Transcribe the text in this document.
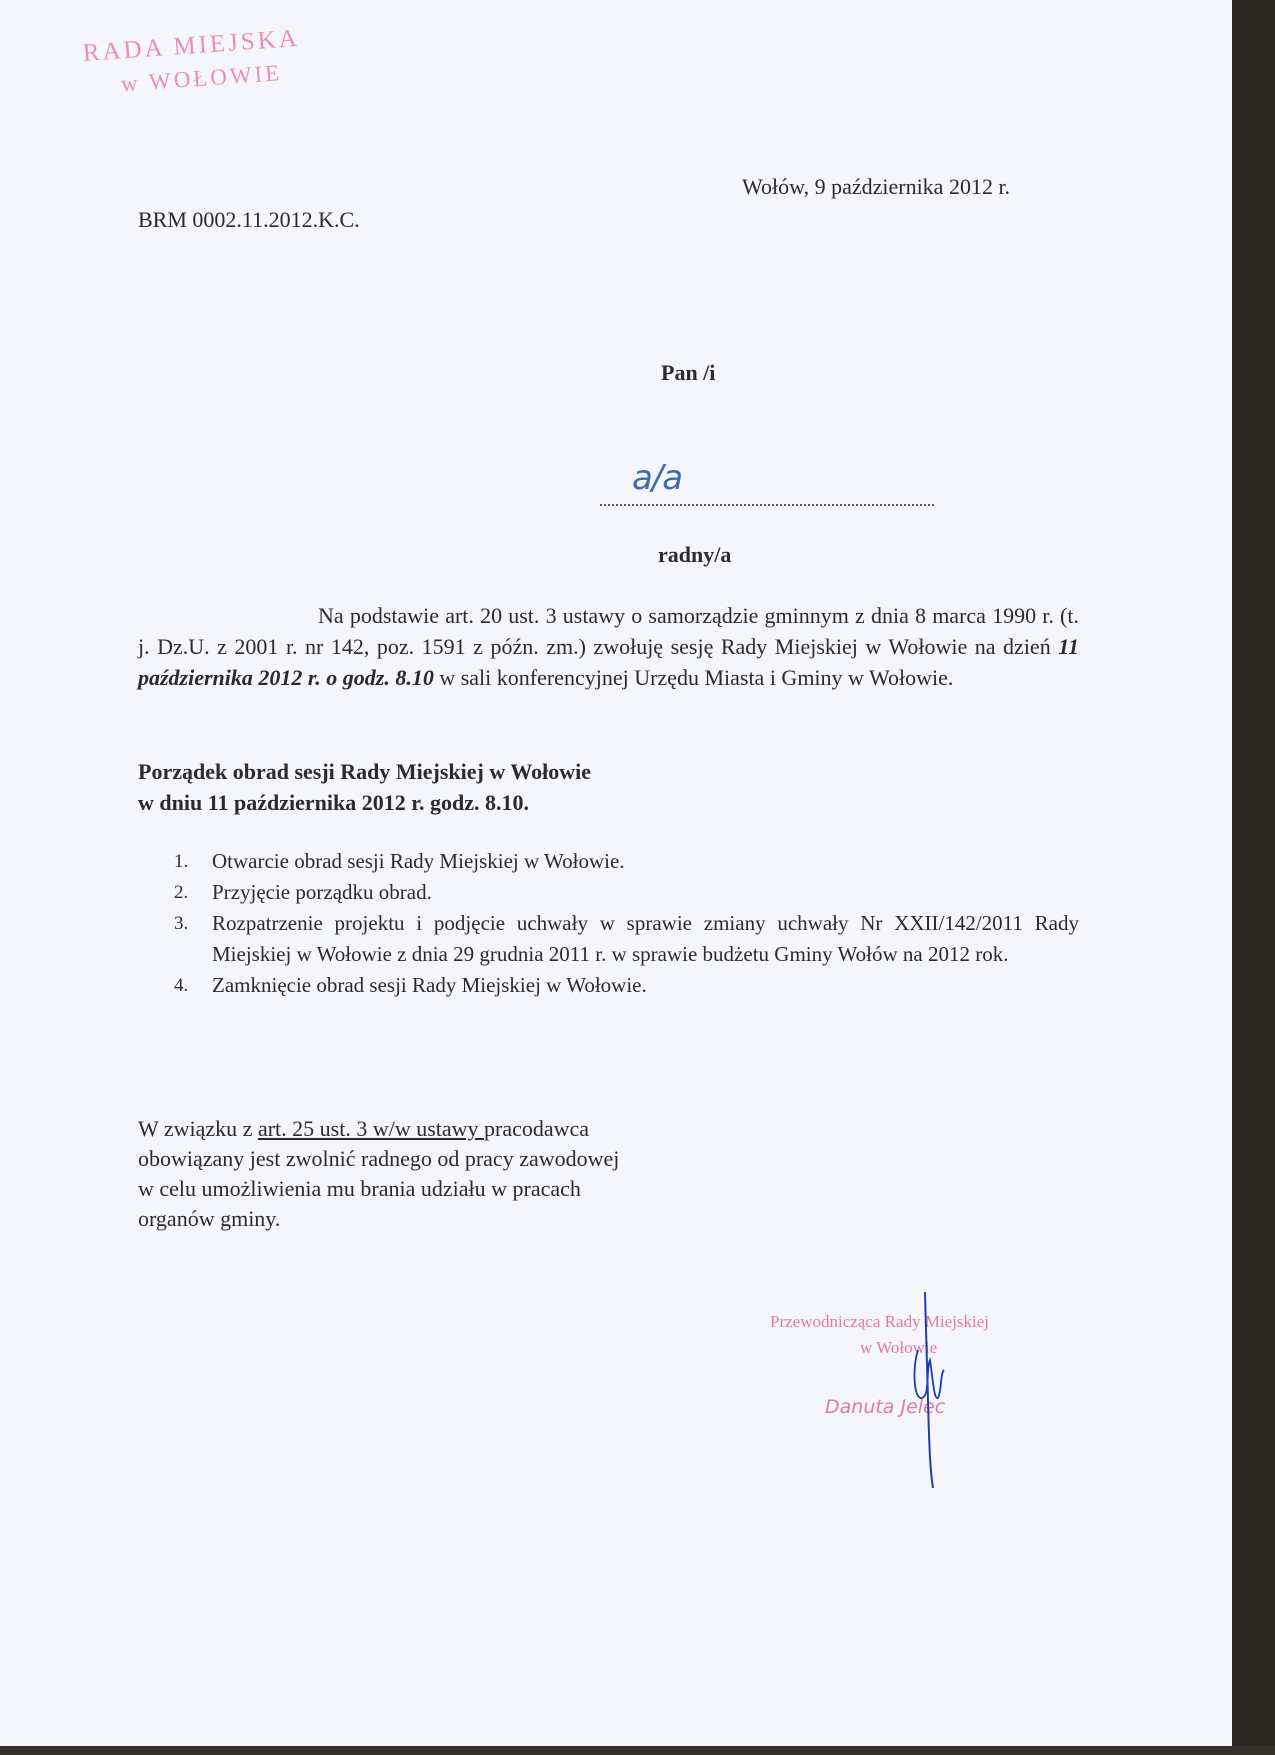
RADA MIEJSKA
w WOŁOWIE
Wołów, 9 października 2012 r.
BRM 0002.11.2012.K.C.
Pan /i
a/a
radny/a
Na podstawie art. 20 ust. 3 ustawy o samorządzie gminnym z dnia 8 marca 1990 r. (t. j. Dz.U. z 2001 r. nr 142, poz. 1591 z późn. zm.) zwołuję sesję Rady Miejskiej w Wołowie na dzień 11 października 2012 r. o godz. 8.10 w sali konferencyjnej Urzędu Miasta i Gminy w Wołowie.
Porządek obrad sesji Rady Miejskiej w Wołowie
w dniu 11 października 2012 r. godz. 8.10.
1. Otwarcie obrad sesji Rady Miejskiej w Wołowie.
2. Przyjęcie porządku obrad.
3. Rozpatrzenie projektu i podjęcie uchwały w sprawie zmiany uchwały Nr XXII/142/2011 Rady Miejskiej w Wołowie z dnia 29 grudnia 2011 r. w sprawie budżetu Gminy Wołów na 2012 rok.
4. Zamknięcie obrad sesji Rady Miejskiej w Wołowie.
W związku z art. 25 ust. 3 w/w ustawy pracodawca
obowiązany jest zwolnić radnego od pracy zawodowej
w celu umożliwienia mu brania udziału w pracach
organów gminy.
Przewodnicząca Rady Miejskiej
w Wołowie
Danuta Jelec
